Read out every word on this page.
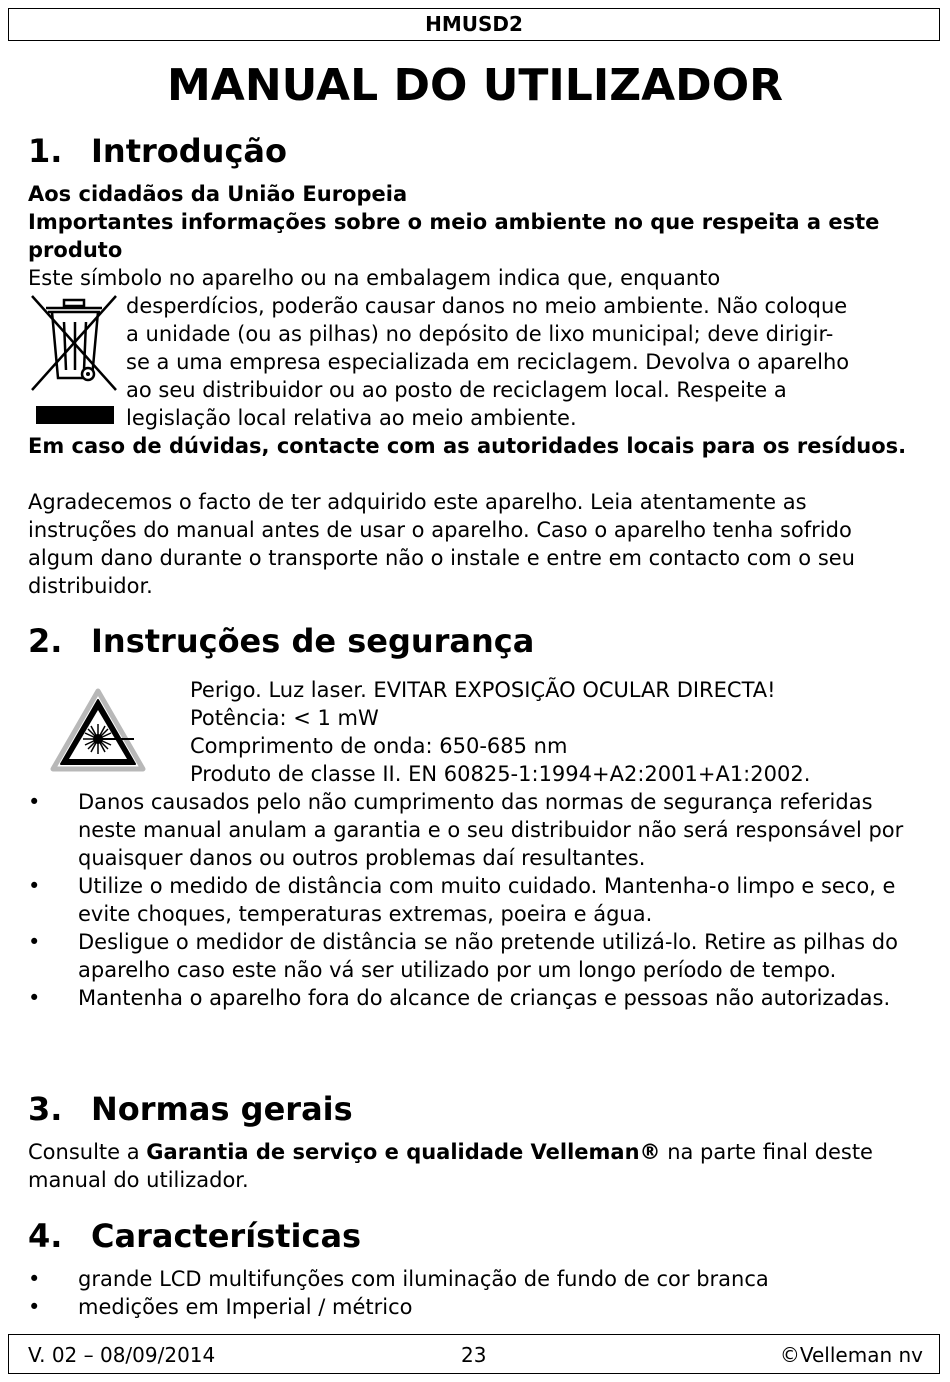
HMUSD2
MANUAL DO UTILIZADOR
1. Introdução

Aos cidadãos da União Europeia

Importantes informações sobre o meio ambiente no que respeita a este produto

Este símbolo no aparelho ou na embalagem indica que, enquanto

desperdícios, poderão causar danos no meio ambiente. Não coloque

a unidade (ou as pilhas) no depósito de lixo municipal; deve dirigir-

se a uma empresa especializada em reciclagem. Devolva o aparelho

ao seu distribuidor ou ao posto de reciclagem local. Respeite a

legislação local relativa ao meio ambiente.

Em caso de dúvidas, contacte com as autoridades locais para os resíduos.

Agradecemos o facto de ter adquirido este aparelho. Leia atentamente as instruções do manual antes de usar o aparelho. Caso o aparelho tenha sofrido algum dano durante o transporte não o instale e entre em contacto com o seu distribuidor.

2. Instruções de segurança

Perigo. Luz laser. EVITAR EXPOSIÇÃO OCULAR DIRECTA!

Potência: < 1 mW

Comprimento de onda: 650-685 nm

Produto de classe II. EN 60825-1:1994+A2:2001+A1:2002.

• Danos causados pelo não cumprimento das normas de segurança referidas neste manual anulam a garantia e o seu distribuidor não será responsável por quaisquer danos ou outros problemas daí resultantes.
• Utilize o medido de distância com muito cuidado. Mantenha-o limpo e seco, e evite choques, temperaturas extremas, poeira e água.
• Desligue o medidor de distância se não pretende utilizá-lo. Retire as pilhas do aparelho caso este não vá ser utilizado por um longo período de tempo.
• Mantenha o aparelho fora do alcance de crianças e pessoas não autorizadas.
3. Normas gerais

Consulte a Garantia de serviço e qualidade Velleman® na parte final deste manual do utilizador.

4. Características
• grande LCD multifunções com iluminação de fundo de cor branca
• medições em Imperial / métrico
V. 02 – 08/09/2014	23	©Velleman nv
